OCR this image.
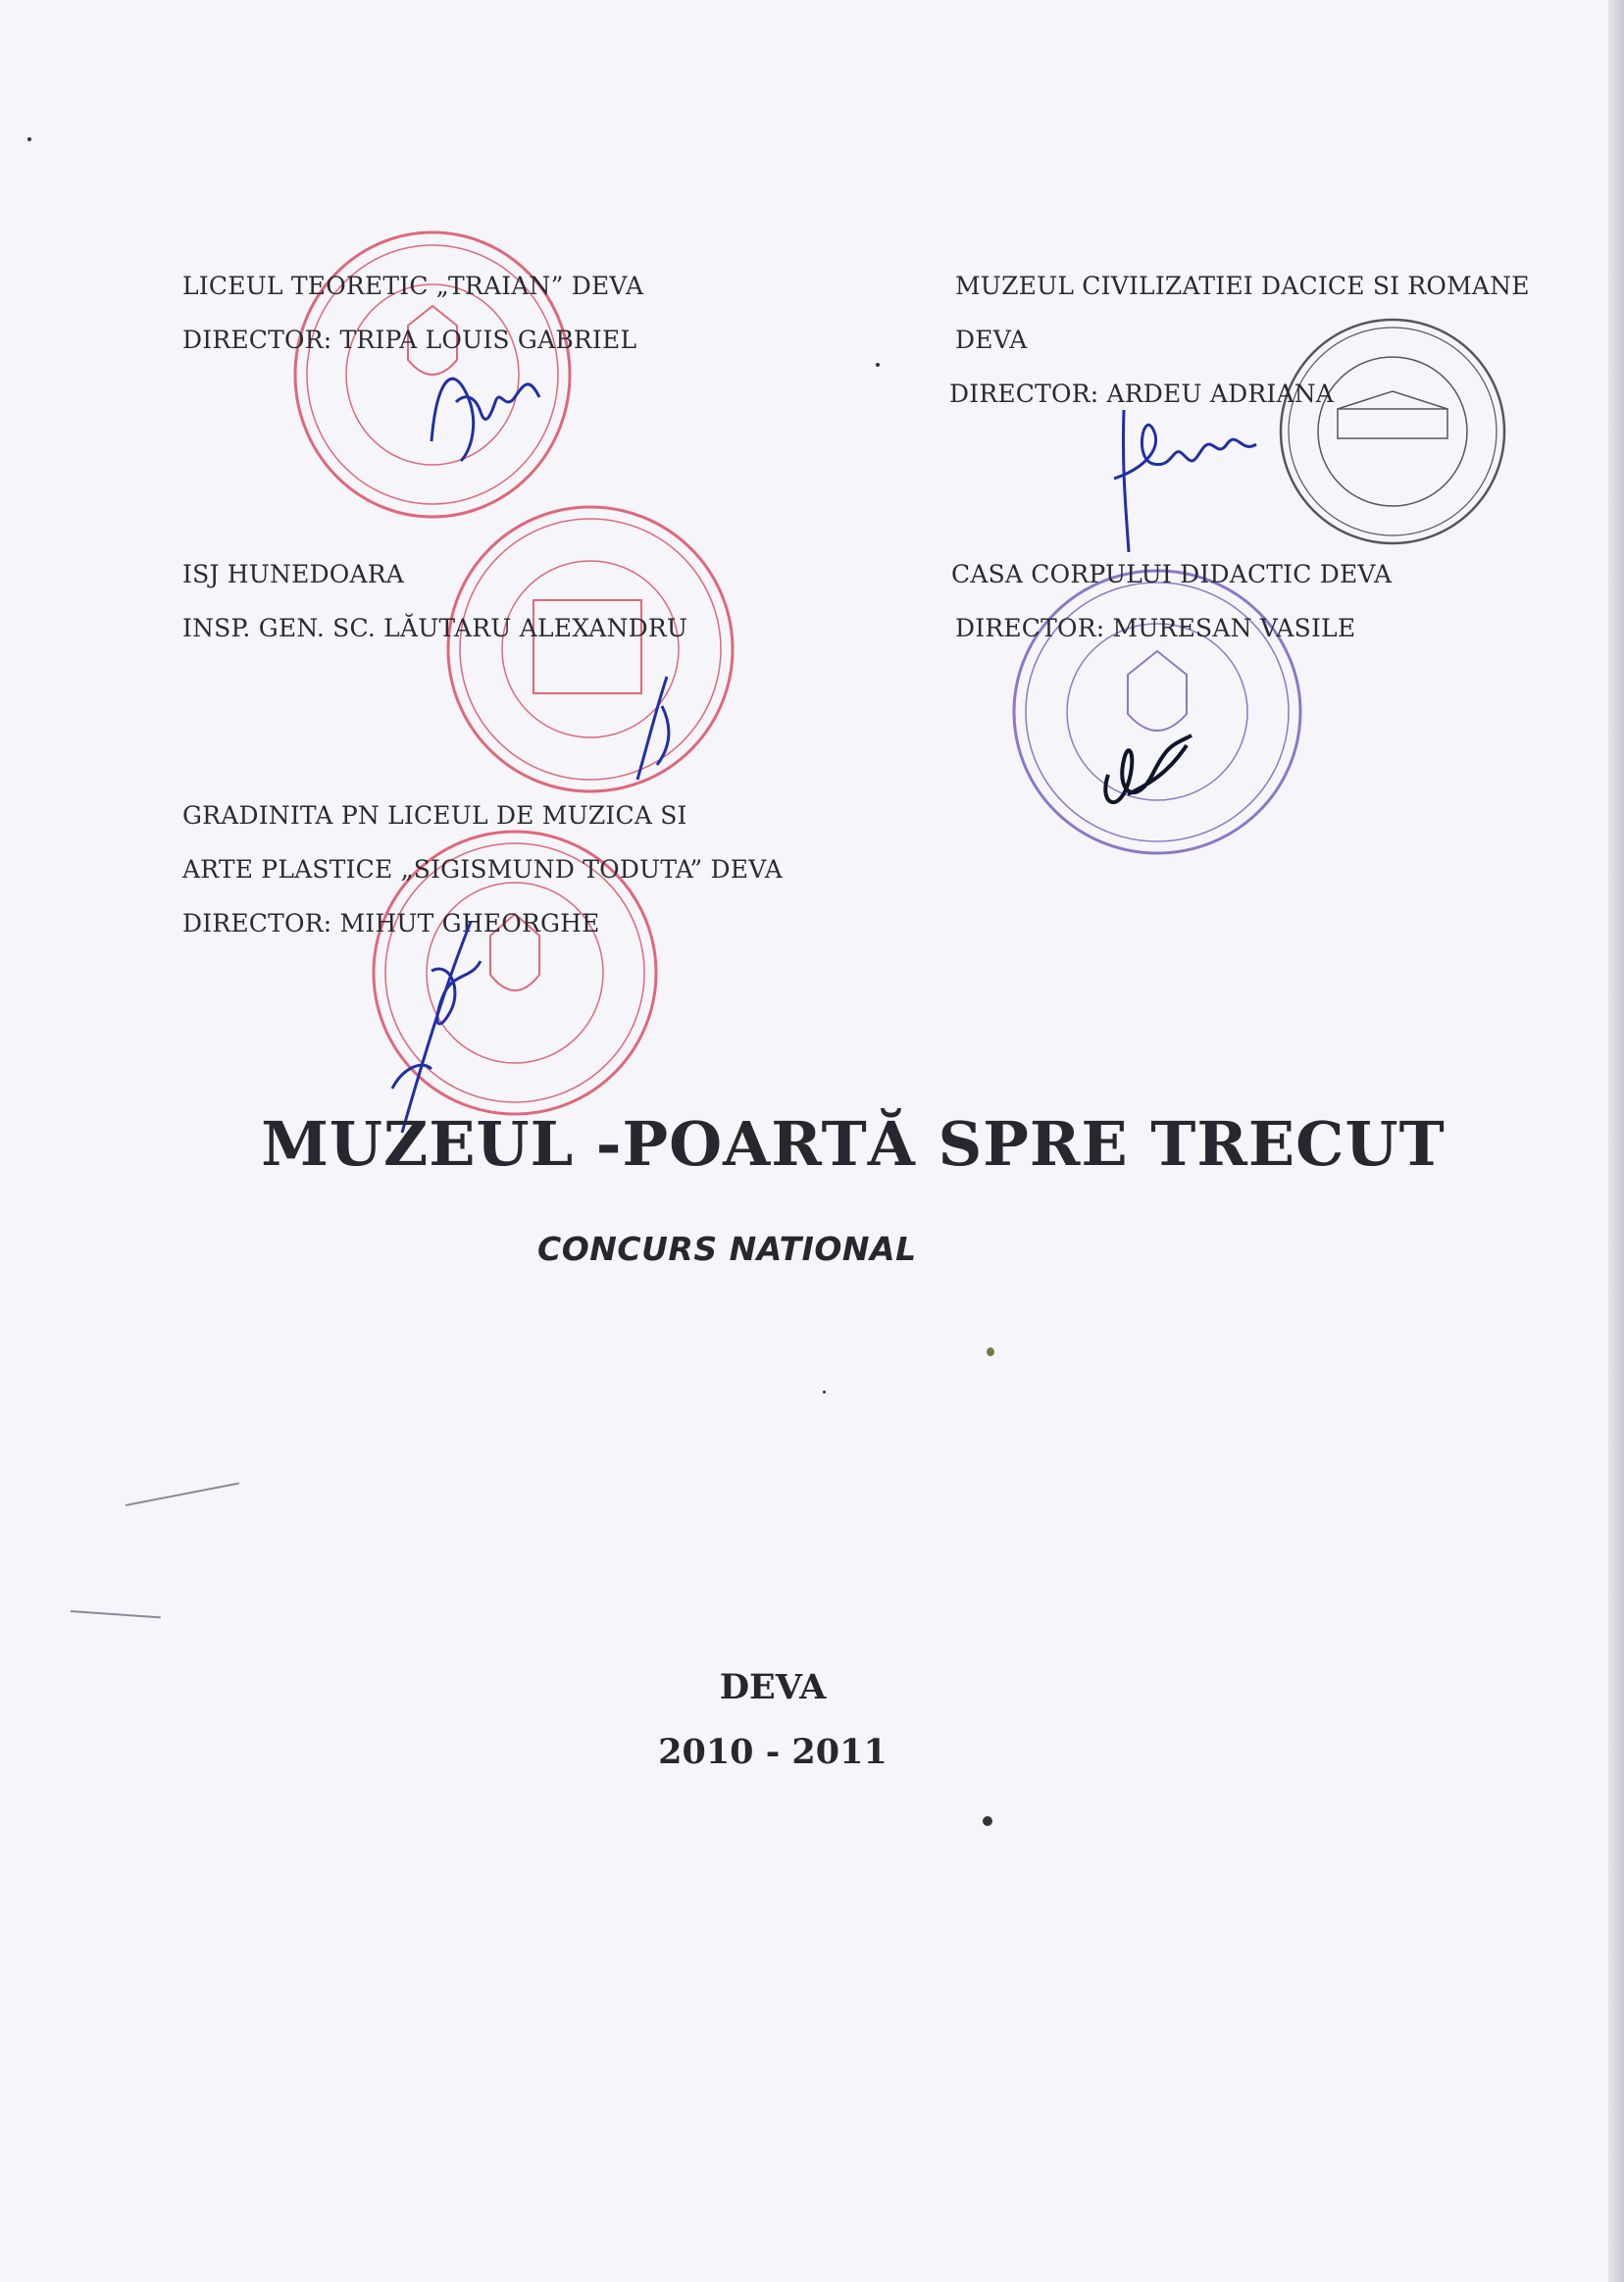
LICEUL TEORETIC „TRAIAN” DEVA
DIRECTOR: TRIPA LOUIS GABRIEL
MUZEUL CIVILIZATIEI DACICE SI ROMANE
DEVA
DIRECTOR: ARDEU ADRIANA
ISJ HUNEDOARA
INSP. GEN. SC. LĂUTARU ALEXANDRU
CASA CORPULUI DIDACTIC DEVA
DIRECTOR: MURESAN VASILE
GRADINITA PN LICEUL DE MUZICA SI
ARTE PLASTICE „SIGISMUND TODUTA” DEVA
DIRECTOR: MIHUT GHEORGHE
MUZEUL -POARTĂ SPRE TRECUT
CONCURS NATIONAL
DEVA
2010 - 2011
